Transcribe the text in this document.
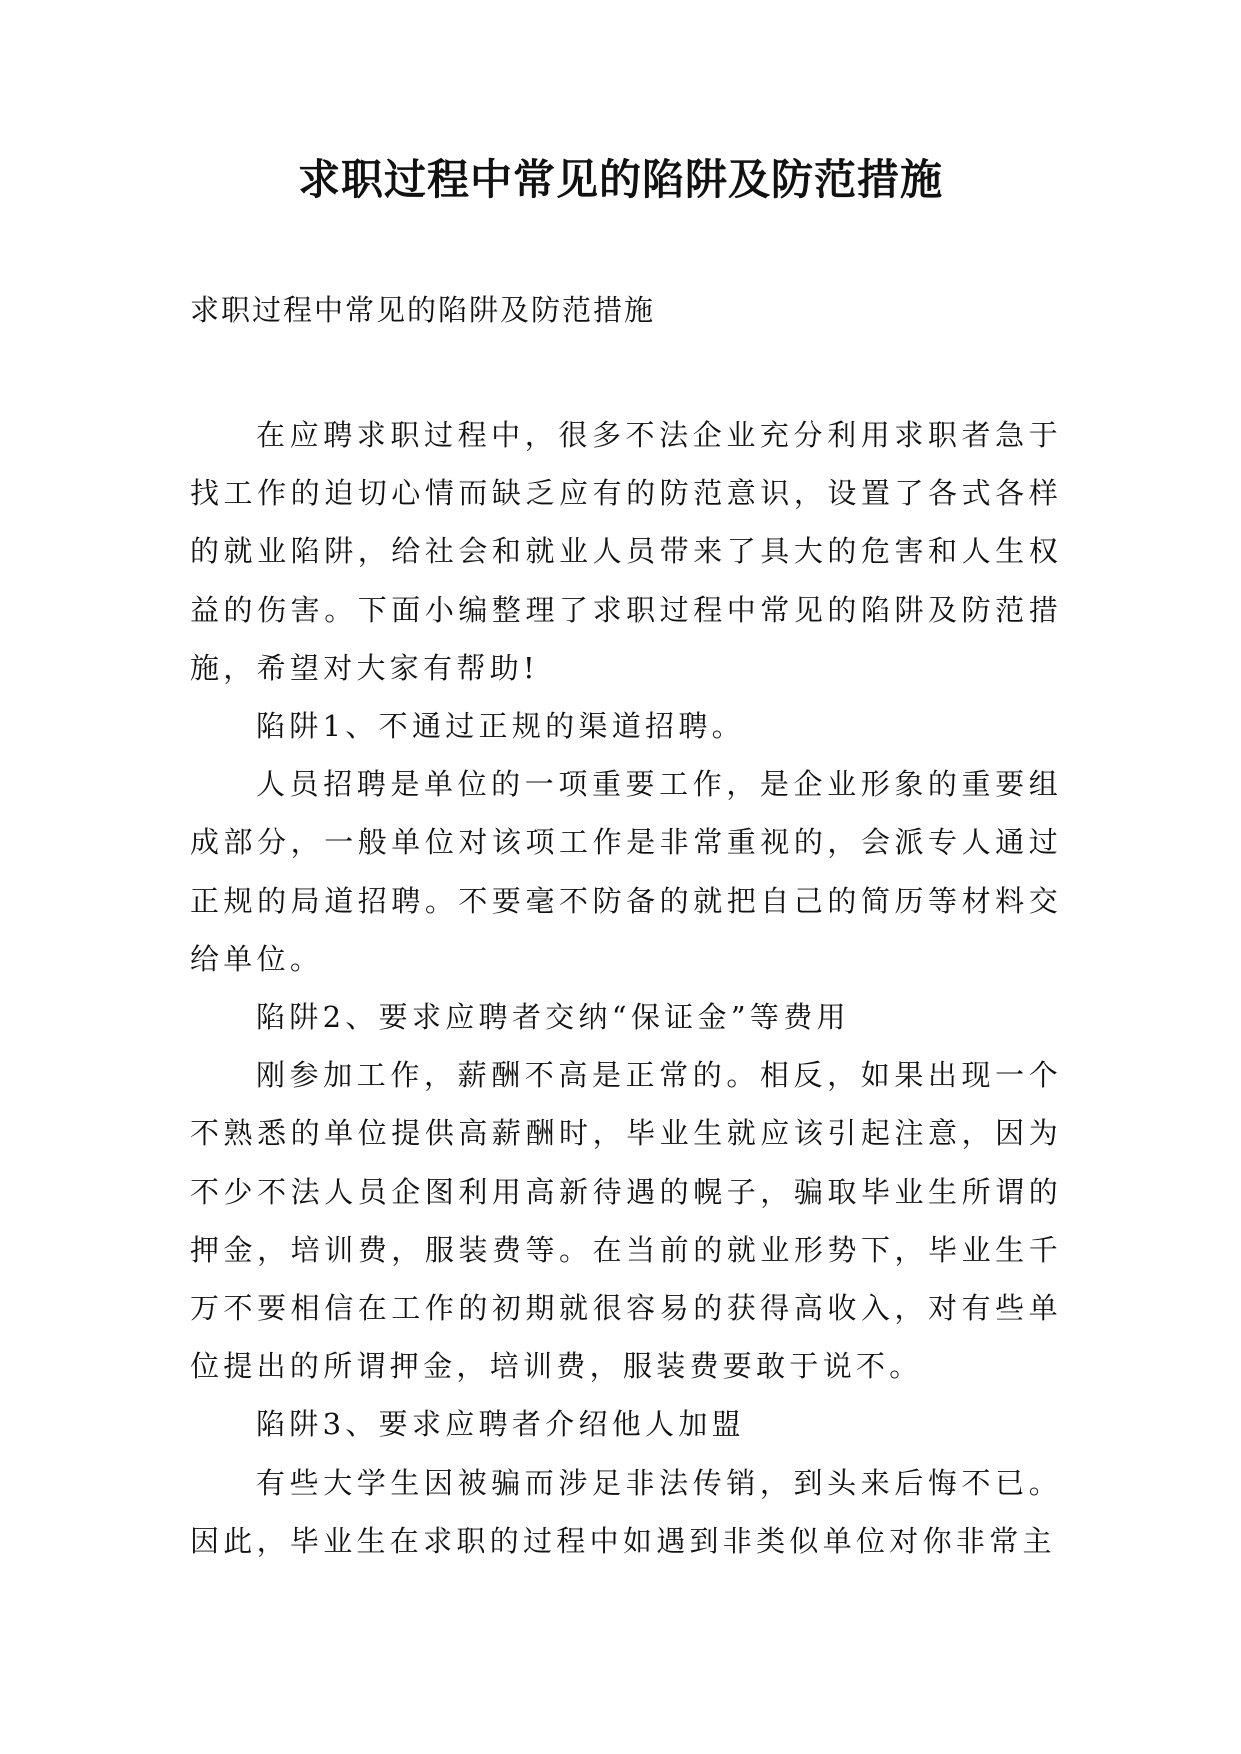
求职过程中常见的陷阱及防范措施
求职过程中常见的陷阱及防范措施

在应聘求职过程中，很多不法企业充分利用求职者急于找工作的迫切心情而缺乏应有的防范意识，设置了各式各样的就业陷阱，给社会和就业人员带来了具大的危害和人生权益的伤害。下面小编整理了求职过程中常见的陷阱及防范措施，希望对大家有帮助!

陷阱1、不通过正规的渠道招聘。

人员招聘是单位的一项重要工作，是企业形象的重要组成部分，一般单位对该项工作是非常重视的，会派专人通过正规的局道招聘。不要毫不防备的就把自己的简历等材料交给单位。

陷阱2、要求应聘者交纳“保证金”等费用

刚参加工作，薪酬不高是正常的。相反，如果出现一个不熟悉的单位提供高薪酬时，毕业生就应该引起注意，因为不少不法人员企图利用高新待遇的幌子，骗取毕业生所谓的押金，培训费，服装费等。在当前的就业形势下，毕业生千万不要相信在工作的初期就很容易的获得高收入，对有些单位提出的所谓押金，培训费，服装费要敢于说不。

陷阱3、要求应聘者介绍他人加盟

有些大学生因被骗而涉足非法传销，到头来后悔不已。因此，毕业生在求职的过程中如遇到非类似单位对你非常主
